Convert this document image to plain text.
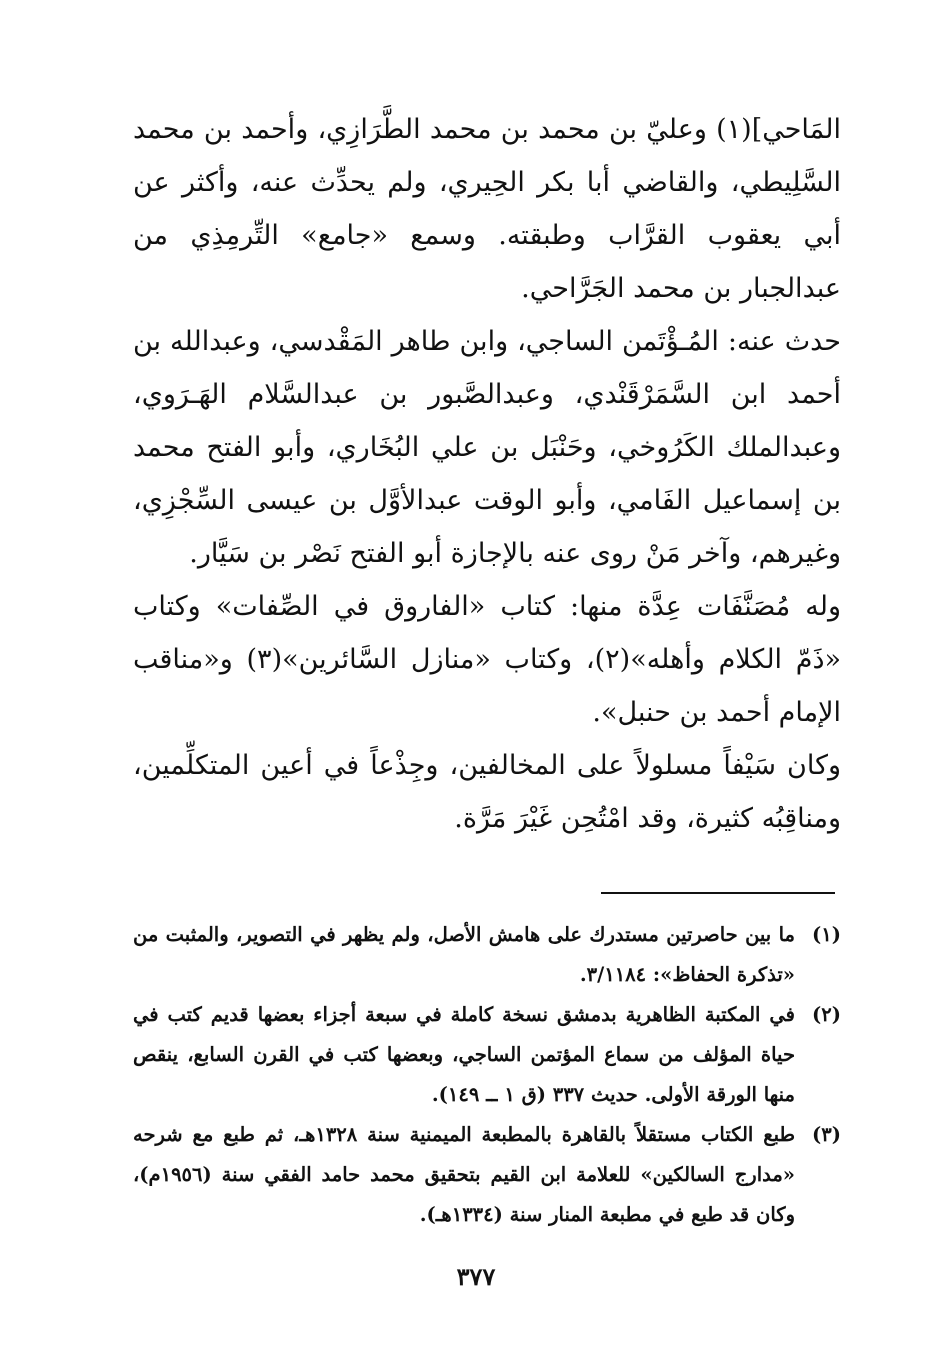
المَاحي](١) وعليّ بن محمد بن محمد الطَّرَازِي، وأحمد بن محمد السَّلِيطي، والقاضي أبا بكر الحِيري، ولم يحدِّث عنه، وأكثر عن أبي يعقوب القرَّاب وطبقته. وسمع «جامع» التِّرمِذِي من عبدالجبار بن محمد الجَرَّاحي.

حدث عنه: المُـؤْتَمن الساجي، وابن طاهر المَقْدسي، وعبدالله بن أحمد ابن السَّمَرْقَنْدي، وعبدالصَّبور بن عبدالسَّلام الهَـرَوي، وعبدالملك الكَرُوخي، وحَنْبَل بن علي البُخَاري، وأبو الفتح محمد بن إسماعيل الفَامي، وأبو الوقت عبدالأوَّل بن عيسى السِّجْزِي، وغيرهم، وآخر مَنْ روى عنه بالإجازة أبو الفتح نَصْر بن سَيَّار.

وله مُصَنَّفَات عِدَّة منها: كتاب «الفاروق في الصِّفات» وكتاب «ذَمّ الكلام وأهله»(٢)، وكتاب «منازل السَّائرين»(٣) و«مناقب الإمام أحمد بن حنبل».

وكان سَيْفاً مسلولاً على المخالفين، وجِذْعاً في أعين المتكلِّمين، ومناقِبُه كثيرة، وقد امْتُحِن غَيْرَ مَرَّة.

(١)
ما بين حاصرتين مستدرك على هامش الأصل، ولم يظهر في التصوير، والمثبت من «تذكرة الحفاظ»: ٣/١١٨٤.
(٢)
في المكتبة الظاهرية بدمشق نسخة كاملة في سبعة أجزاء بعضها قديم كتب في حياة المؤلف من سماع المؤتمن الساجي، وبعضها كتب في القرن السابع، ينقص منها الورقة الأولى. حديث ٣٣٧ (ق ١ ــ ١٤٩).
(٣)
طبع الكتاب مستقلاً بالقاهرة بالمطبعة الميمنية سنة ١٣٢٨هـ، ثم طبع مع شرحه «مدارج السالكين» للعلامة ابن القيم بتحقيق محمد حامد الفقي سنة (١٩٥٦م)، وكان قد طبع في مطبعة المنار سنة (١٣٣٤هـ).
٣٧٧
